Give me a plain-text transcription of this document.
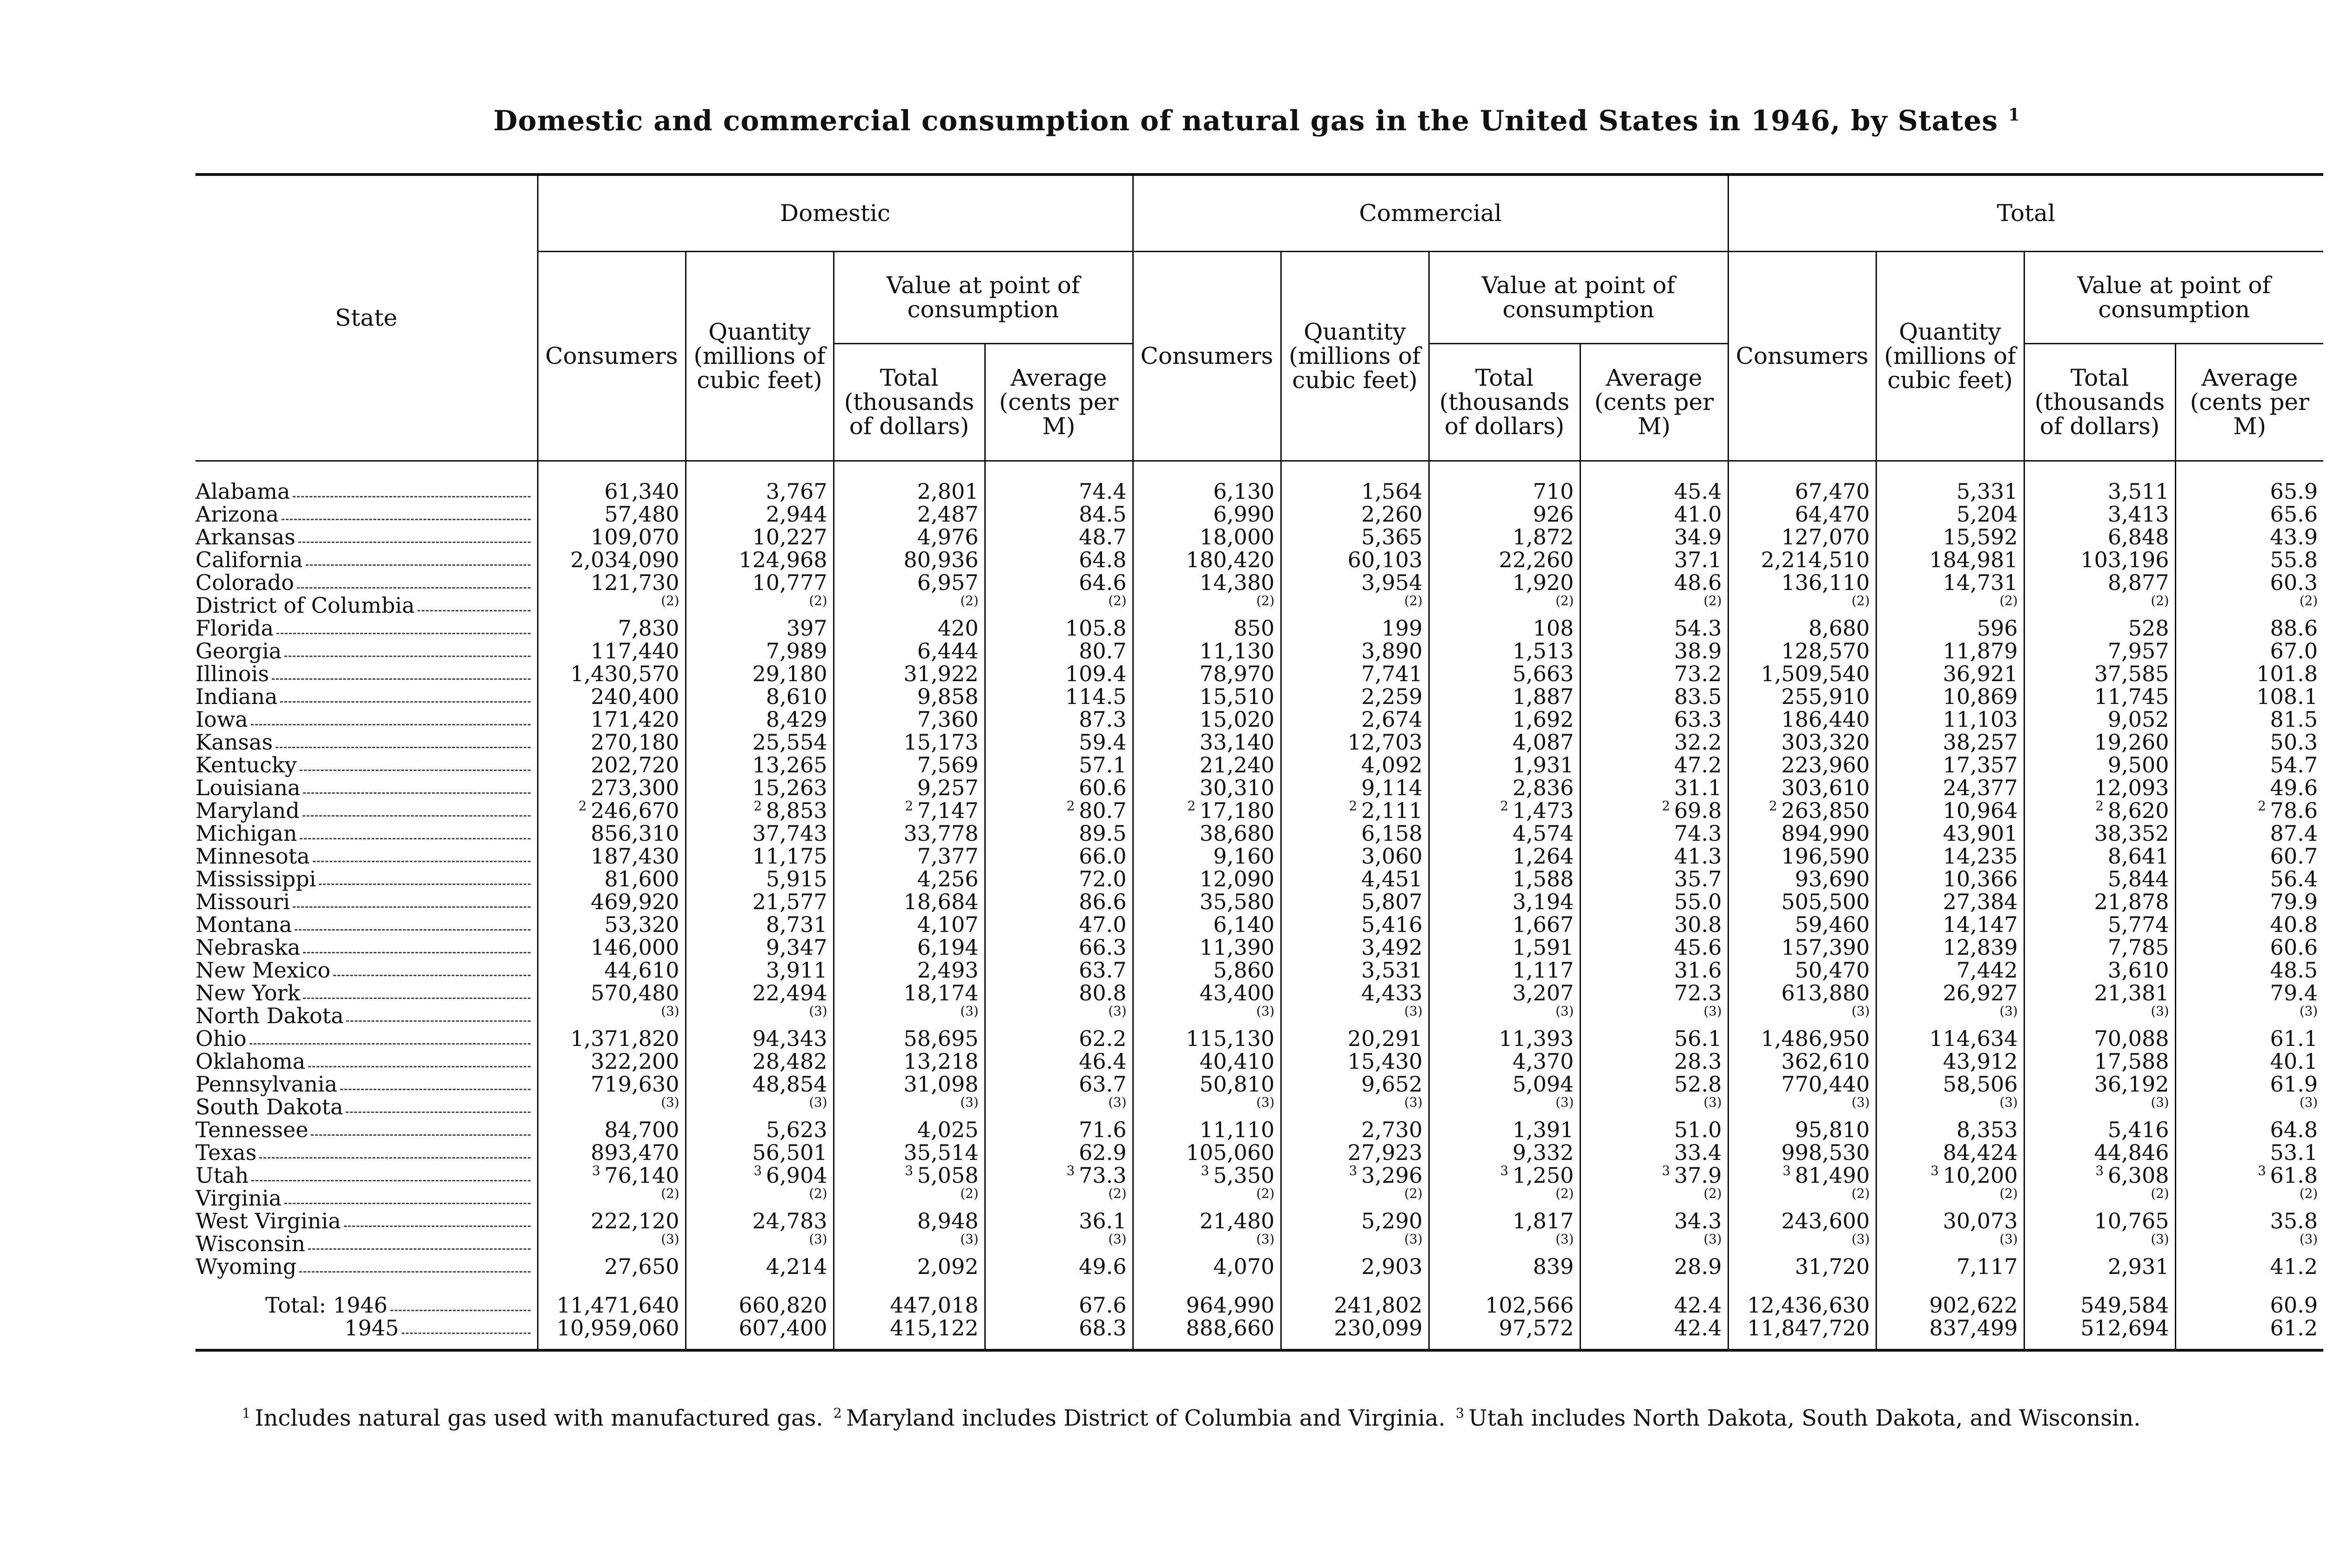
Domestic and commercial consumption of natural gas in the United States in 1946, by States $^1$
State	Domestic				Commercial				Total			
	Consumers	Quantity (millions of cubic feet)	Value at point of consumption		Consumers	Quantity (millions of cubic feet)	Value at point of consumption		Consumers	Quantity (millions of cubic feet)	Value at point of consumption	
			Total (thousands of dollars)	Average (cents per M)			Total (thousands of dollars)	Average (cents per M)			Total (thousands of dollars)	Average (cents per M)

Alabama	61,340	3,767	2,801	74.4	6,130	1,564	710	45.4	67,470	5,331	3,511	65.9

Arizona	57,480	2,944	2,487	84.5	6,990	2,260	926	41.0	64,470	5,204	3,413	65.6

Arkansas	109,070	10,227	4,976	48.7	18,000	5,365	1,872	34.9	127,070	15,592	6,848	43.9

California	2,034,090	124,968	80,936	64.8	180,420	60,103	22,260	37.1	2,214,510	184,981	103,196	55.8

Colorado	121,730	10,777	6,957	64.6	14,380	3,954	1,920	48.6	136,110	14,731	8,877	60.3

District of Columbia	$^{(2)}$	$^{(2)}$	$^{(2)}$	$^{(2)}$	$^{(2)}$	$^{(2)}$	$^{(2)}$	$^{(2)}$	$^{(2)}$	$^{(2)}$	$^{(2)}$	$^{(2)}$

Florida	7,830	397	420	105.8	850	199	108	54.3	8,680	596	528	88.6

Georgia	117,440	7,989	6,444	80.7	11,130	3,890	1,513	38.9	128,570	11,879	7,957	67.0

Illinois	1,430,570	29,180	31,922	109.4	78,970	7,741	5,663	73.2	1,509,540	36,921	37,585	101.8

Indiana	240,400	8,610	9,858	114.5	15,510	2,259	1,887	83.5	255,910	10,869	11,745	108.1

Iowa	171,420	8,429	7,360	87.3	15,020	2,674	1,692	63.3	186,440	11,103	9,052	81.5

Kansas	270,180	25,554	15,173	59.4	33,140	12,703	4,087	32.2	303,320	38,257	19,260	50.3

Kentucky	202,720	13,265	7,569	57.1	21,240	4,092	1,931	47.2	223,960	17,357	9,500	54.7

Louisiana	273,300	15,263	9,257	60.6	30,310	9,114	2,836	31.1	303,610	24,377	12,093	49.6

Maryland	$^2$ 246,670	$^2$ 8,853	$^2$ 7,147	$^2$ 80.7	$^2$ 17,180	$^2$ 2,111	$^2$ 1,473	$^2$ 69.8	$^2$ 263,850	10,964	$^2$ 8,620	$^2$ 78.6

Michigan	856,310	37,743	33,778	89.5	38,680	6,158	4,574	74.3	894,990	43,901	38,352	87.4

Minnesota	187,430	11,175	7,377	66.0	9,160	3,060	1,264	41.3	196,590	14,235	8,641	60.7

Mississippi	81,600	5,915	4,256	72.0	12,090	4,451	1,588	35.7	93,690	10,366	5,844	56.4

Missouri	469,920	21,577	18,684	86.6	35,580	5,807	3,194	55.0	505,500	27,384	21,878	79.9

Montana	53,320	8,731	4,107	47.0	6,140	5,416	1,667	30.8	59,460	14,147	5,774	40.8

Nebraska	146,000	9,347	6,194	66.3	11,390	3,492	1,591	45.6	157,390	12,839	7,785	60.6

New Mexico	44,610	3,911	2,493	63.7	5,860	3,531	1,117	31.6	50,470	7,442	3,610	48.5

New York	570,480	22,494	18,174	80.8	43,400	4,433	3,207	72.3	613,880	26,927	21,381	79.4

North Dakota	$^{(3)}$	$^{(3)}$	$^{(3)}$	$^{(3)}$	$^{(3)}$	$^{(3)}$	$^{(3)}$	$^{(3)}$	$^{(3)}$	$^{(3)}$	$^{(3)}$	$^{(3)}$

Ohio	1,371,820	94,343	58,695	62.2	115,130	20,291	11,393	56.1	1,486,950	114,634	70,088	61.1

Oklahoma	322,200	28,482	13,218	46.4	40,410	15,430	4,370	28.3	362,610	43,912	17,588	40.1

Pennsylvania	719,630	48,854	31,098	63.7	50,810	9,652	5,094	52.8	770,440	58,506	36,192	61.9

South Dakota	$^{(3)}$	$^{(3)}$	$^{(3)}$	$^{(3)}$	$^{(3)}$	$^{(3)}$	$^{(3)}$	$^{(3)}$	$^{(3)}$	$^{(3)}$	$^{(3)}$	$^{(3)}$

Tennessee	84,700	5,623	4,025	71.6	11,110	2,730	1,391	51.0	95,810	8,353	5,416	64.8

Texas	893,470	56,501	35,514	62.9	105,060	27,923	9,332	33.4	998,530	84,424	44,846	53.1

Utah	$^3$ 76,140	$^3$ 6,904	$^3$ 5,058	$^3$ 73.3	$^3$ 5,350	$^3$ 3,296	$^3$ 1,250	$^3$ 37.9	$^3$ 81,490	$^3$ 10,200	$^3$ 6,308	$^3$ 61.8

Virginia	$^{(2)}$	$^{(2)}$	$^{(2)}$	$^{(2)}$	$^{(2)}$	$^{(2)}$	$^{(2)}$	$^{(2)}$	$^{(2)}$	$^{(2)}$	$^{(2)}$	$^{(2)}$

West Virginia	222,120	24,783	8,948	36.1	21,480	5,290	1,817	34.3	243,600	30,073	10,765	35.8

Wisconsin	$^{(3)}$	$^{(3)}$	$^{(3)}$	$^{(3)}$	$^{(3)}$	$^{(3)}$	$^{(3)}$	$^{(3)}$	$^{(3)}$	$^{(3)}$	$^{(3)}$	$^{(3)}$

Wyoming	27,650	4,214	2,092	49.6	4,070	2,903	839	28.9	31,720	7,117	2,931	41.2

Total: 1946	11,471,640	660,820	447,018	67.6	964,990	241,802	102,566	42.4	12,436,630	902,622	549,584	60.9

1945	10,959,060	607,400	415,122	68.3	888,660	230,099	97,572	42.4	11,847,720	837,499	512,694	61.2
$^1$ Includes natural gas used with manufactured gas. $^2$ Maryland includes District of Columbia and Virginia. $^3$ Utah includes North Dakota, South Dakota, and Wisconsin.
